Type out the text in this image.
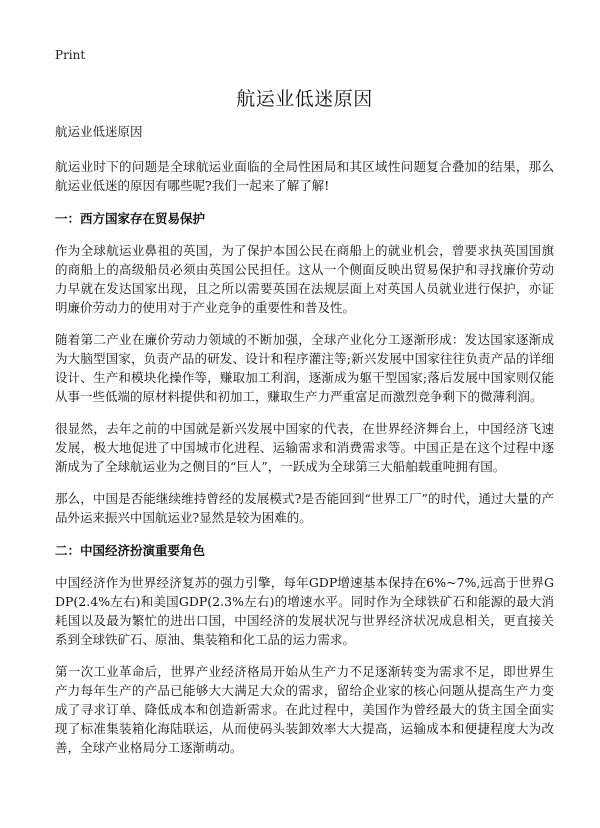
Print
航运业低迷原因
航运业低迷原因

航运业时下的问题是全球航运业面临的全局性困局和其区域性问题复合叠加的结果，那么航运业低迷的原因有哪些呢?我们一起来了解了解!

一：西方国家存在贸易保护

作为全球航运业鼻祖的英国，为了保护本国公民在商船上的就业机会，曾要求执英国国旗的商船上的高级船员必须由英国公民担任。这从一个侧面反映出贸易保护和寻找廉价劳动力早就在发达国家出现，且之所以需要英国在法规层面上对英国人员就业进行保护，亦证明廉价劳动力的使用对于产业竞争的重要性和普及性。

随着第二产业在廉价劳动力领域的不断加强，全球产业化分工逐渐形成：发达国家逐渐成为大脑型国家，负责产品的研发、设计和程序灌注等;新兴发展中国家往往负责产品的详细设计、生产和模块化操作等，赚取加工利润，逐渐成为躯干型国家;落后发展中国家则仅能从事一些低端的原材料提供和初加工，赚取生产力严重富足而激烈竞争剩下的微薄利润。

很显然，去年之前的中国就是新兴发展中国家的代表，在世界经济舞台上，中国经济飞速发展，极大地促进了中国城市化进程、运输需求和消费需求等。中国正是在这个过程中逐渐成为了全球航运业为之侧目的“巨人”，一跃成为全球第三大船舶载重吨拥有国。

那么，中国是否能继续维持曾经的发展模式?是否能回到“世界工厂”的时代，通过大量的产品外运来振兴中国航运业?显然是较为困难的。

二：中国经济扮演重要角色

中国经济作为世界经济复苏的强力引擎，每年GDP增速基本保持在6%~7%,远高于世界GDP(2.4%左右)和美国GDP(2.3%左右)的增速水平。同时作为全球铁矿石和能源的最大消耗国以及最为繁忙的进出口国，中国经济的发展状况与世界经济状况成息相关，更直接关系到全球铁矿石、原油、集装箱和化工品的运力需求。

第一次工业革命后，世界产业经济格局开始从生产力不足逐渐转变为需求不足，即世界生产力每年生产的产品已能够大大满足大众的需求，留给企业家的核心问题从提高生产力变成了寻求订单、降低成本和创造新需求。在此过程中，美国作为曾经最大的货主国全面实现了标准集装箱化海陆联运，从而使码头装卸效率大大提高，运输成本和便捷程度大为改善，全球产业格局分工逐渐萌动。
